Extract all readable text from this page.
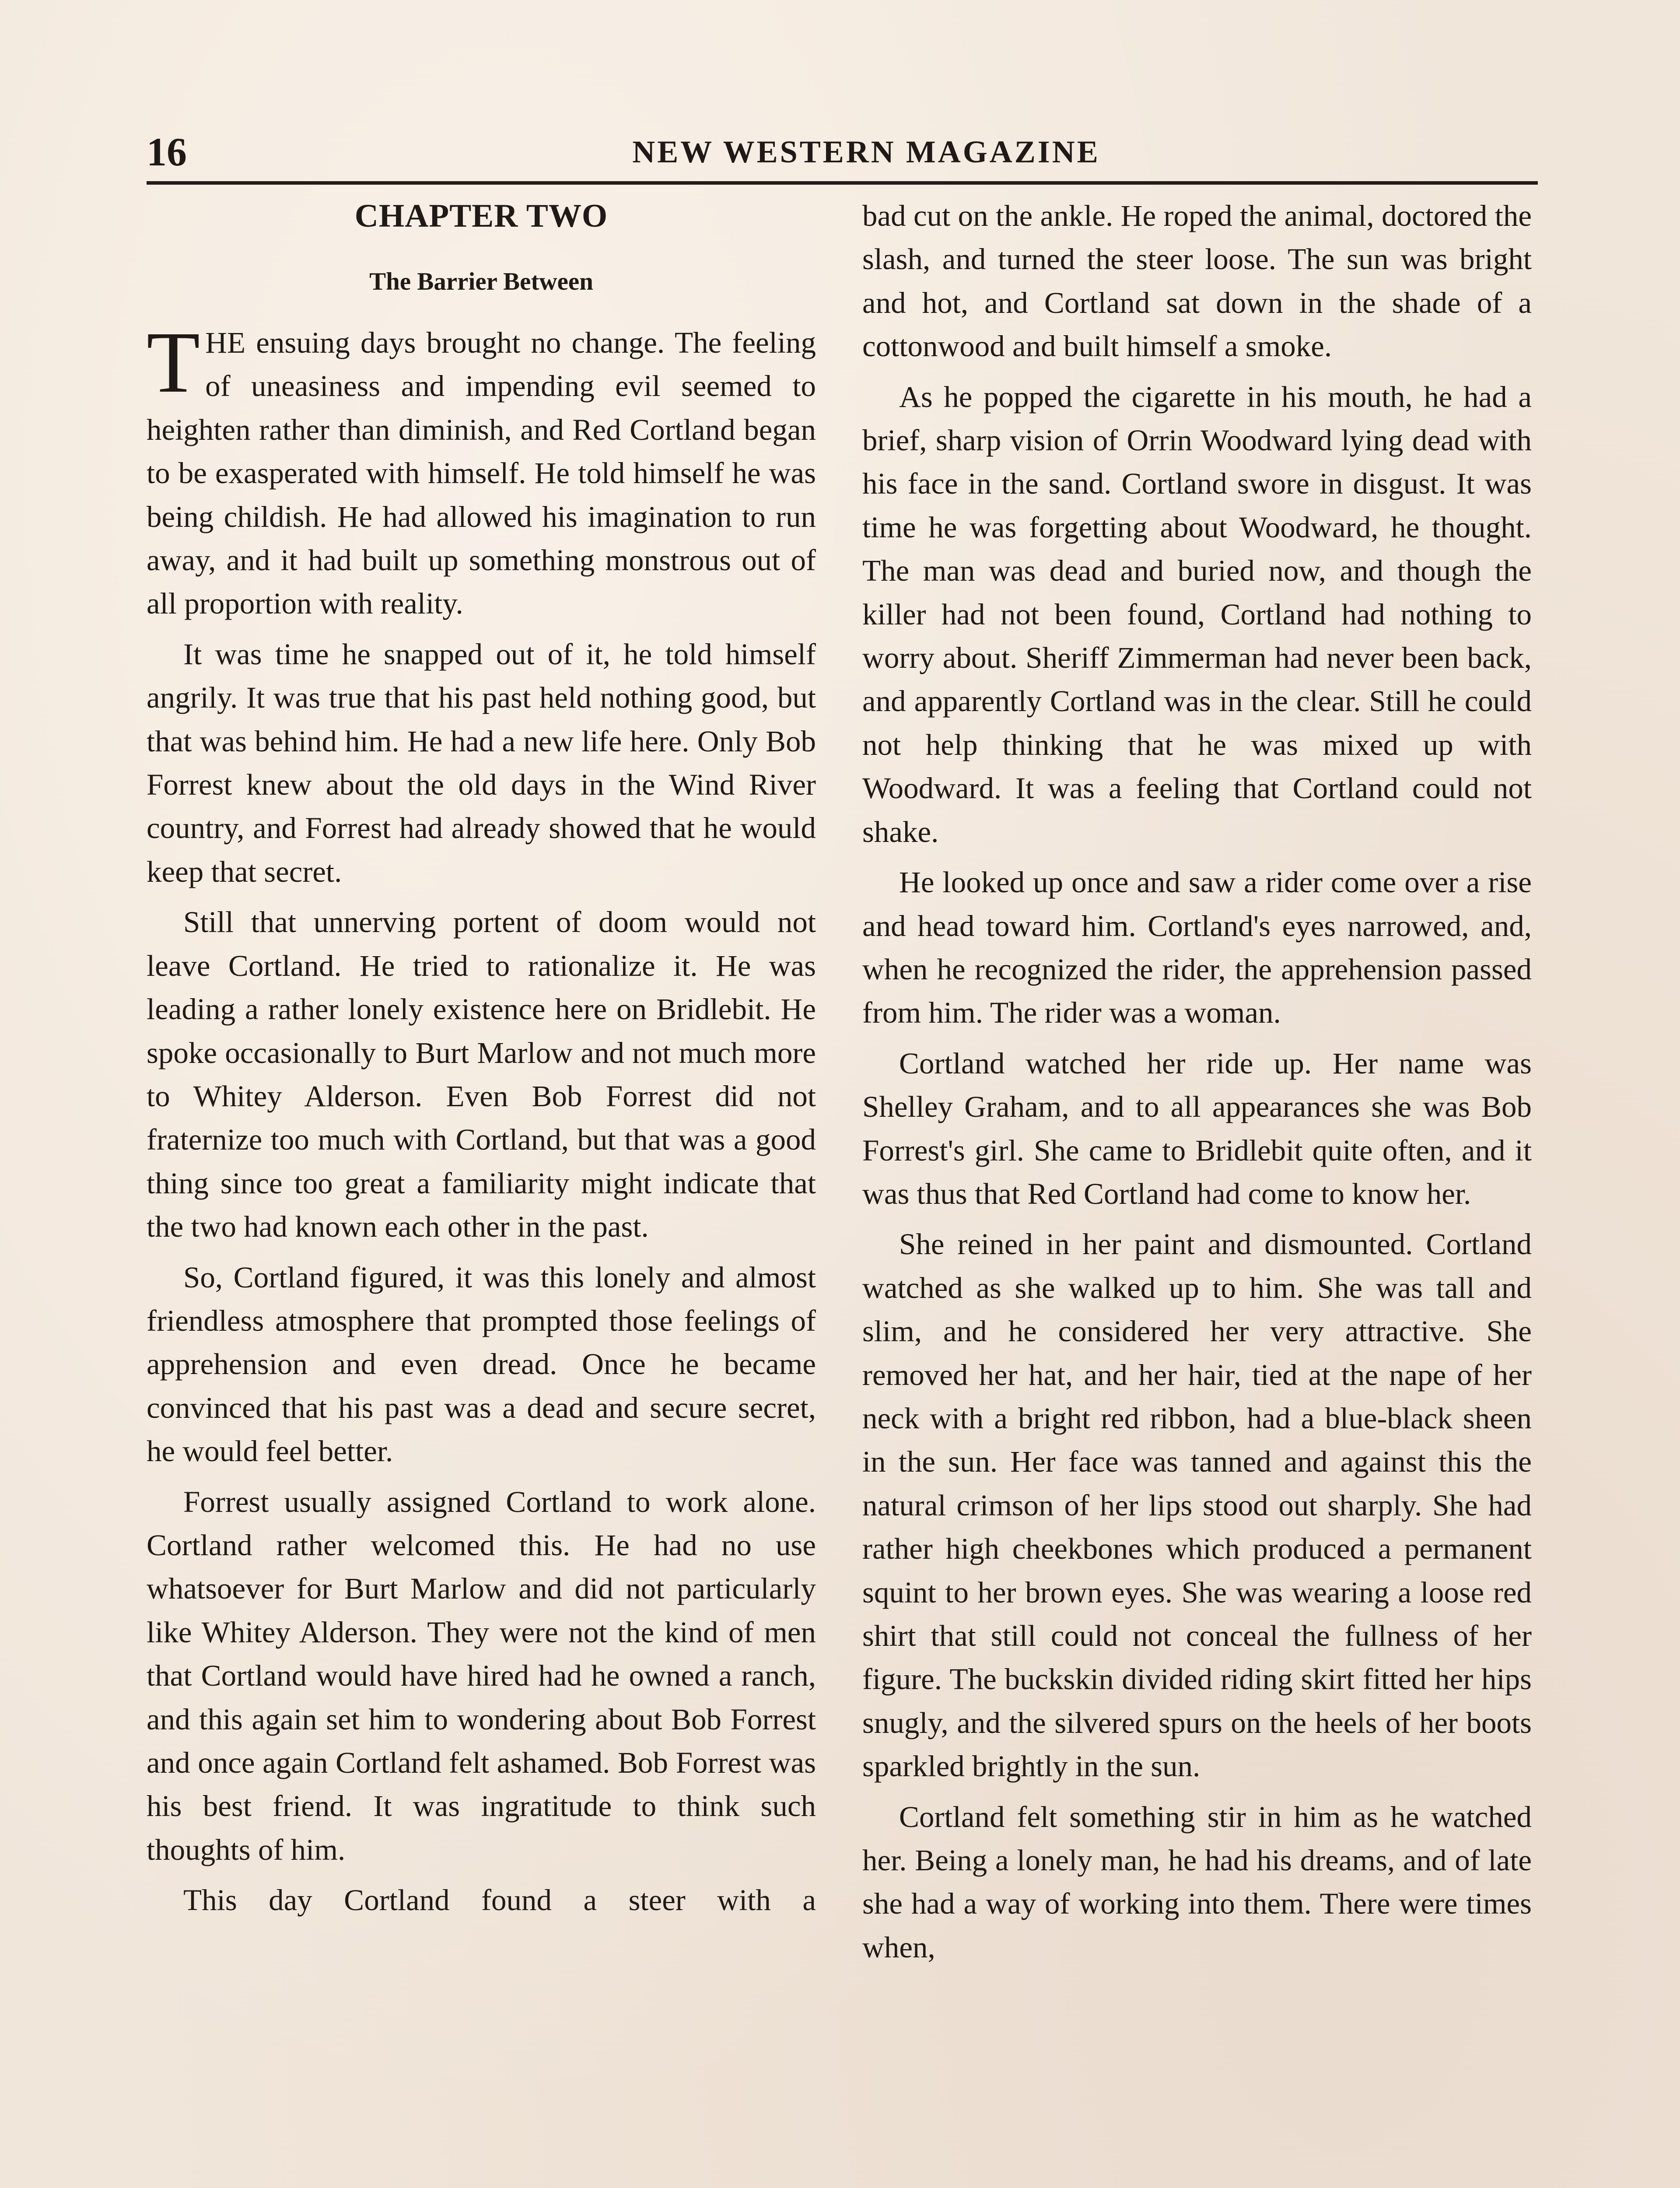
16	NEW WESTERN MAGAZINE
CHAPTER TWO
The Barrier Between

THE ensuing days brought no change. The feeling of uneasiness and impending evil seemed to heighten rather than diminish, and Red Cortland began to be exasperated with himself. He told himself he was being childish. He had allowed his imagination to run away, and it had built up something monstrous out of all proportion with reality.

It was time he snapped out of it, he told himself angrily. It was true that his past held nothing good, but that was behind him. He had a new life here. Only Bob Forrest knew about the old days in the Wind River country, and Forrest had already showed that he would keep that secret.

Still that unnerving portent of doom would not leave Cortland. He tried to rationalize it. He was leading a rather lonely existence here on Bridlebit. He spoke occasionally to Burt Marlow and not much more to Whitey Alderson. Even Bob Forrest did not fraternize too much with Cortland, but that was a good thing since too great a familiarity might indicate that the two had known each other in the past.

So, Cortland figured, it was this lonely and almost friendless atmosphere that prompted those feelings of apprehension and even dread. Once he became convinced that his past was a dead and secure secret, he would feel better.

Forrest usually assigned Cortland to work alone. Cortland rather welcomed this. He had no use whatsoever for Burt Marlow and did not particularly like Whitey Alderson. They were not the kind of men that Cortland would have hired had he owned a ranch, and this again set him to wondering about Bob Forrest and once again Cortland felt ashamed. Bob Forrest was his best friend. It was ingratitude to think such thoughts of him.

This day Cortland found a steer with a

bad cut on the ankle. He roped the animal, doctored the slash, and turned the steer loose. The sun was bright and hot, and Cortland sat down in the shade of a cottonwood and built himself a smoke.

As he popped the cigarette in his mouth, he had a brief, sharp vision of Orrin Woodward lying dead with his face in the sand. Cortland swore in disgust. It was time he was forgetting about Woodward, he thought. The man was dead and buried now, and though the killer had not been found, Cortland had nothing to worry about. Sheriff Zimmerman had never been back, and apparently Cortland was in the clear. Still he could not help thinking that he was mixed up with Woodward. It was a feeling that Cortland could not shake.

He looked up once and saw a rider come over a rise and head toward him. Cortland's eyes narrowed, and, when he recognized the rider, the apprehension passed from him. The rider was a woman.

Cortland watched her ride up. Her name was Shelley Graham, and to all appearances she was Bob Forrest's girl. She came to Bridlebit quite often, and it was thus that Red Cortland had come to know her.

She reined in her paint and dismounted. Cortland watched as she walked up to him. She was tall and slim, and he considered her very attractive. She removed her hat, and her hair, tied at the nape of her neck with a bright red ribbon, had a blue-black sheen in the sun. Her face was tanned and against this the natural crimson of her lips stood out sharply. She had rather high cheekbones which produced a permanent squint to her brown eyes. She was wearing a loose red shirt that still could not conceal the fullness of her figure. The buckskin divided riding skirt fitted her hips snugly, and the silvered spurs on the heels of her boots sparkled brightly in the sun.

Cortland felt something stir in him as he watched her. Being a lonely man, he had his dreams, and of late she had a way of working into them. There were times when,
